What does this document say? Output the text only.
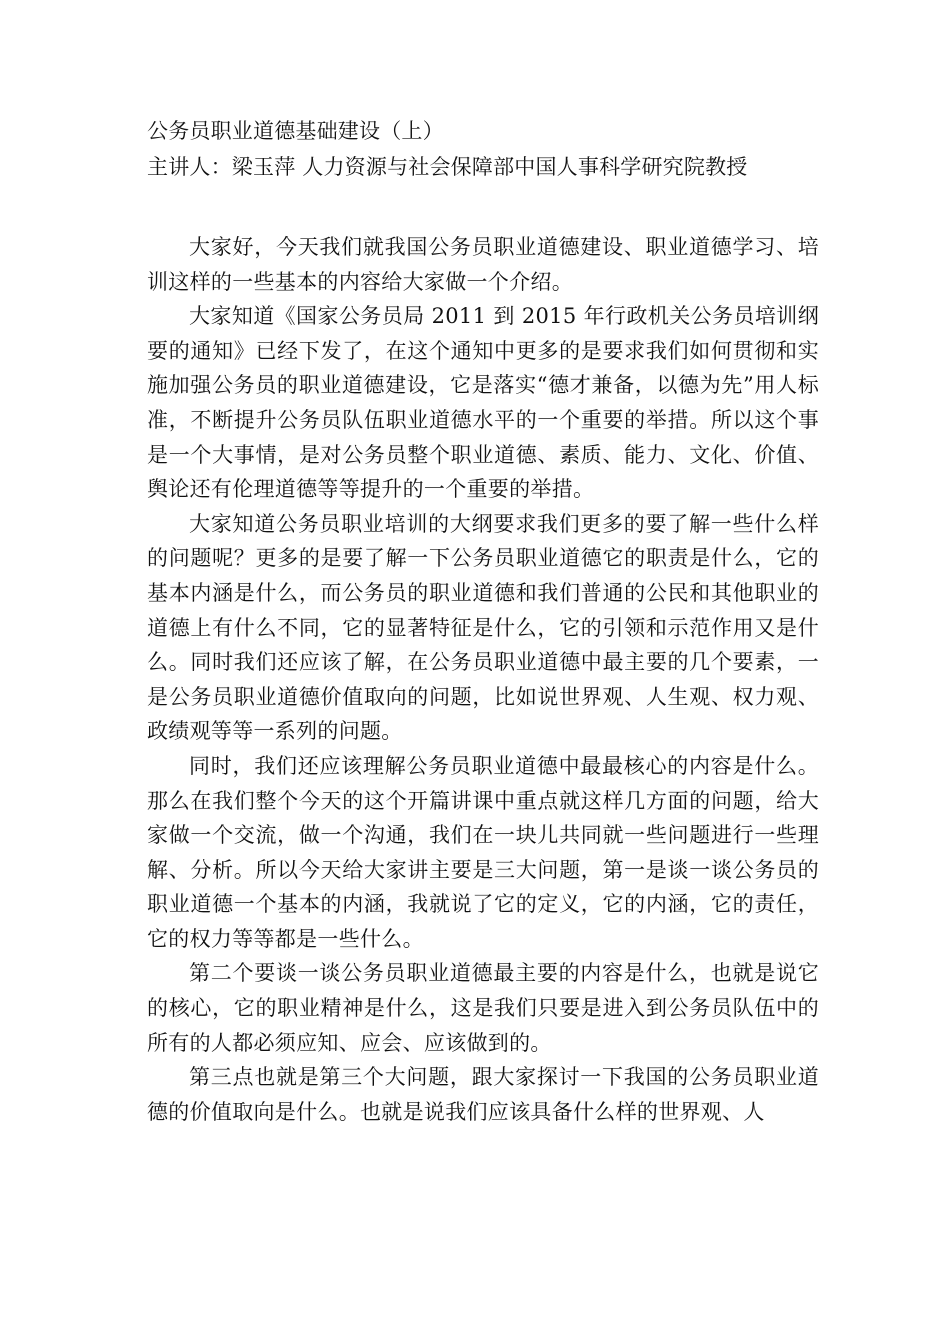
公务员职业道德基础建设（上）
主讲人：梁玉萍 人力资源与社会保障部中国人事科学研究院教授

大家好，今天我们就我国公务员职业道德建设、职业道德学习、培训这样的一些基本的内容给大家做一个介绍。

大家知道《国家公务员局 2011 到 2015 年行政机关公务员培训纲要的通知》已经下发了，在这个通知中更多的是要求我们如何贯彻和实施加强公务员的职业道德建设，它是落实“德才兼备，以德为先”用人标准，不断提升公务员队伍职业道德水平的一个重要的举措。所以这个事是一个大事情，是对公务员整个职业道德、素质、能力、文化、价值、舆论还有伦理道德等等提升的一个重要的举措。

大家知道公务员职业培训的大纲要求我们更多的要了解一些什么样的问题呢？更多的是要了解一下公务员职业道德它的职责是什么，它的基本内涵是什么，而公务员的职业道德和我们普通的公民和其他职业的道德上有什么不同，它的显著特征是什么，它的引领和示范作用又是什么。同时我们还应该了解，在公务员职业道德中最主要的几个要素，一是公务员职业道德价值取向的问题，比如说世界观、人生观、权力观、政绩观等等一系列的问题。

同时，我们还应该理解公务员职业道德中最最核心的内容是什么。那么在我们整个今天的这个开篇讲课中重点就这样几方面的问题，给大家做一个交流，做一个沟通，我们在一块儿共同就一些问题进行一些理解、分析。所以今天给大家讲主要是三大问题，第一是谈一谈公务员的职业道德一个基本的内涵，我就说了它的定义，它的内涵，它的责任，它的权力等等都是一些什么。

第二个要谈一谈公务员职业道德最主要的内容是什么，也就是说它的核心，它的职业精神是什么，这是我们只要是进入到公务员队伍中的所有的人都必须应知、应会、应该做到的。

第三点也就是第三个大问题，跟大家探讨一下我国的公务员职业道德的价值取向是什么。也就是说我们应该具备什么样的世界观、人
